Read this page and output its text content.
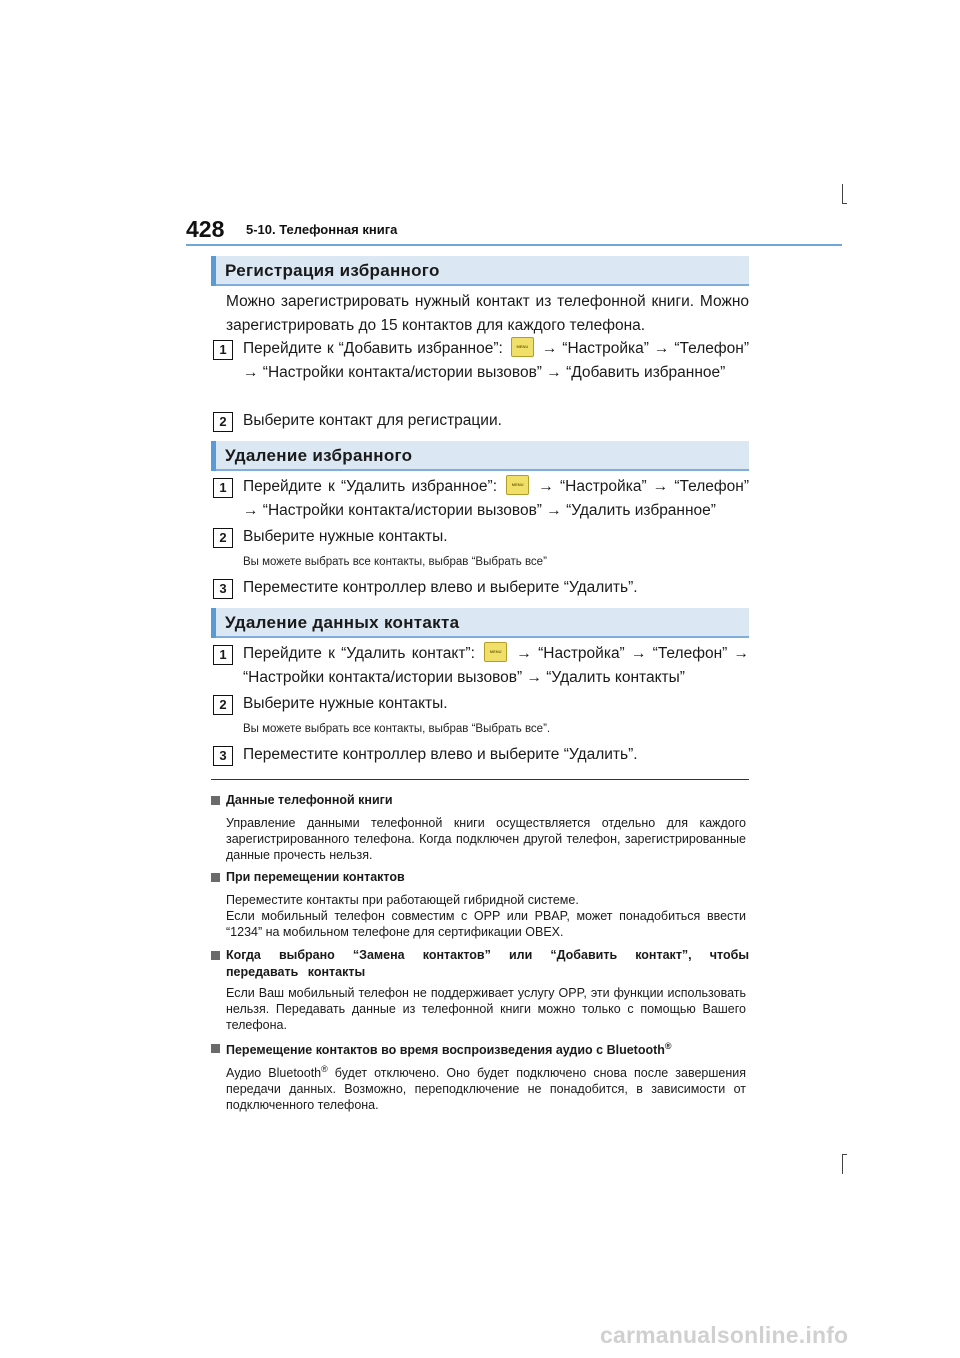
428 5-10. Телефонная книга
Регистрация избранного
Можно зарегистрировать нужный контакт из телефонной книги. Можно зарегистрировать до 15 контактов для каждого телефона.
1	Перейдите к “Добавить избранное”:	MENU → “Настройка” → “Телефон” → “Настройки контакта/истории вызовов” → “Добавить избранное”
2	Выберите контакт для регистрации.
Удаление избранного
1	Перейдите к “Удалить избранное”:	MENU → “Настройка” → “Телефон” → “Настройки контакта/истории вызовов” → “Удалить избранное”
2	Выберите нужные контакты.
Вы можете выбрать все контакты, выбрав “Выбрать все”
3	Переместите контроллер влево и выберите “Удалить”.
Удаление данных контакта
1	Перейдите к “Удалить контакт”:	MENU → “Настройка” → “Телефон” → “Настройки контакта/истории вызовов” → “Удалить контакты”
2	Выберите нужные контакты.
Вы можете выбрать все контакты, выбрав “Выбрать все”.
3	Переместите контроллер влево и выберите “Удалить”.
Данные телефонной книги
Управление данными телефонной книги осуществляется отдельно для каждого зарегистрированного телефона. Когда подключен другой телефон, зарегистрированные данные прочесть нельзя.
При перемещении контактов
Переместите контакты при работающей гибридной системе.
Если мобильный телефон совместим с OPP или PBAP, может понадобиться ввести “1234” на мобильном телефоне для сертификации OBEX.
Когда выбрано “Замена контактов” или “Добавить контакт”, чтобы передавать контакты
Если Ваш мобильный телефон не поддерживает услугу OPP, эти функции использовать нельзя. Передавать данные из телефонной книги можно только с помощью Вашего телефона.
Перемещение контактов во время воспроизведения аудио с Bluetooth®
Аудио Bluetooth® будет отключено. Оно будет подключено снова после завершения передачи данных. Возможно, переподключение не понадобится, в зависимости от подключенного телефона.
carmanualsonline.info
